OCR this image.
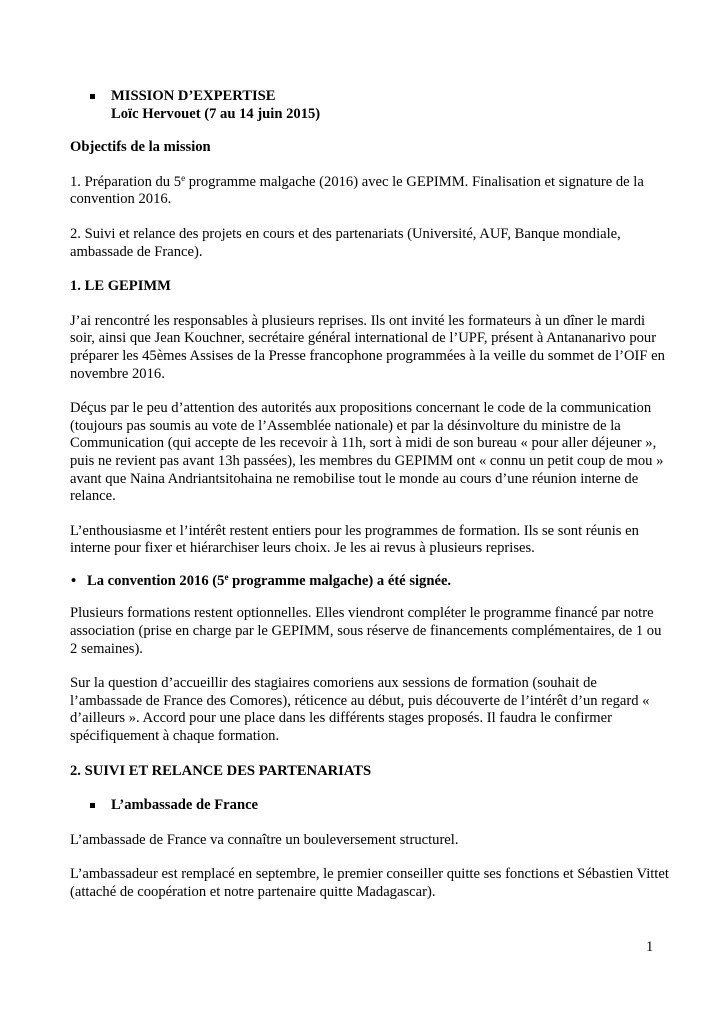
MISSION D’EXPERTISE

Loïc Hervouet (7 au 14 juin 2015)

Objectifs de la mission

1. Préparation du 5e programme malgache (2016) avec le GEPIMM. Finalisation et signature de la convention 2016.

2. Suivi et relance des projets en cours et des partenariats (Université, AUF, Banque mondiale, ambassade de France).

1. LE GEPIMM

J’ai rencontré les responsables à plusieurs reprises. Ils ont invité les formateurs à un dîner le mardi soir, ainsi que Jean Kouchner, secrétaire général international de l’UPF, présent à Antananarivo pour préparer les 45èmes Assises de la Presse francophone programmées à la veille du sommet de l’OIF en novembre 2016.

Déçus par le peu d’attention des autorités aux propositions concernant le code de la communication (toujours pas soumis au vote de l’Assemblée nationale) et par la désinvolture du ministre de la Communication (qui accepte de les recevoir à 11h, sort à midi de son bureau « pour aller déjeuner », puis ne revient pas avant 13h passées), les membres du GEPIMM ont « connu un petit coup de mou » avant que Naina Andriantsitohaina ne remobilise tout le monde au cours d’une réunion interne de relance.

L’enthousiasme et l’intérêt restent entiers pour les programmes de formation. Ils se sont réunis en interne pour fixer et hiérarchiser leurs choix. Je les ai revus à plusieurs reprises.

• La convention 2016 (5e programme malgache) a été signée.

Plusieurs formations restent optionnelles. Elles viendront compléter le programme financé par notre association (prise en charge par le GEPIMM, sous réserve de financements complémentaires, de 1 ou 2 semaines).

Sur la question d’accueillir des stagiaires comoriens aux sessions de formation (souhait de l’ambassade de France des Comores), réticence au début, puis découverte de l’intérêt d’un regard « d’ailleurs ». Accord pour une place dans les différents stages proposés. Il faudra le confirmer spécifiquement à chaque formation.

2. SUIVI ET RELANCE DES PARTENARIATS

L’ambassade de France

L’ambassade de France va connaître un bouleversement structurel.

L’ambassadeur est remplacé en septembre, le premier conseiller quitte ses fonctions et Sébastien Vittet (attaché de coopération et notre partenaire quitte Madagascar).

1
